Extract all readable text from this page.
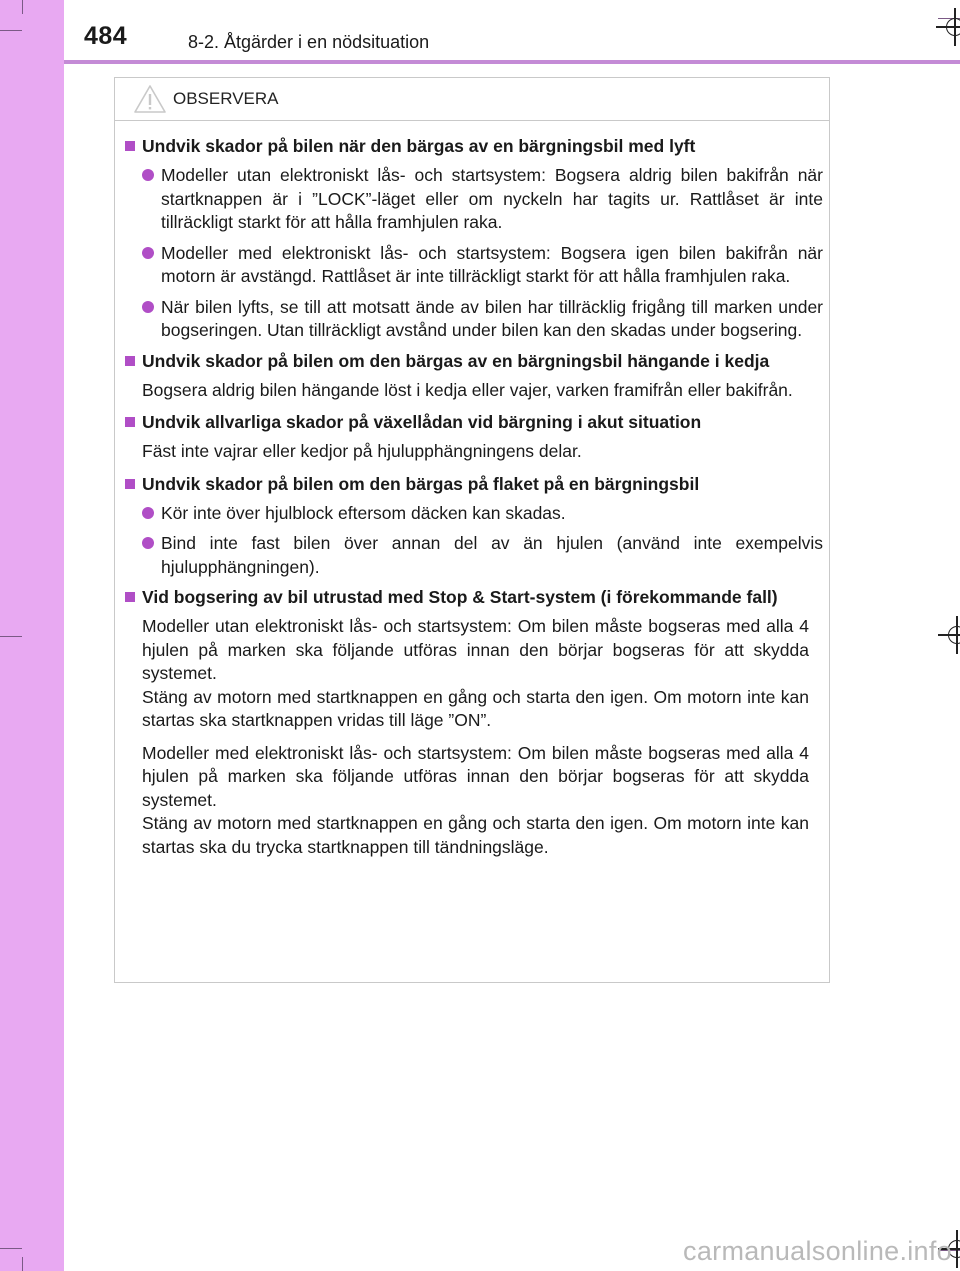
484	8-2. Åtgärder i en nödsituation
OBSERVERA
Undvik skador på bilen när den bärgas av en bärgningsbil med lyft
Modeller utan elektroniskt lås- och startsystem: Bogsera aldrig bilen bakifrån när startknappen är i ”LOCK”-läget eller om nyckeln har tagits ur. Rattlåset är inte tillräckligt starkt för att hålla framhjulen raka.
Modeller med elektroniskt lås- och startsystem: Bogsera igen bilen bakifrån när motorn är avstängd. Rattlåset är inte tillräckligt starkt för att hålla framhjulen raka.
När bilen lyfts, se till att motsatt ände av bilen har tillräcklig frigång till marken under bogseringen. Utan tillräckligt avstånd under bilen kan den skadas under bogsering.
Undvik skador på bilen om den bärgas av en bärgningsbil hängande i kedja
Bogsera aldrig bilen hängande löst i kedja eller vajer, varken framifrån eller bakifrån.
Undvik allvarliga skador på växellådan vid bärgning i akut situation
Fäst inte vajrar eller kedjor på hjulupphängningens delar.
Undvik skador på bilen om den bärgas på flaket på en bärgningsbil
Kör inte över hjulblock eftersom däcken kan skadas.
Bind inte fast bilen över annan del av än hjulen (använd inte exempelvis hjulupphängningen).
Vid bogsering av bil utrustad med Stop & Start-system (i förekommande fall)
Modeller utan elektroniskt lås- och startsystem: Om bilen måste bogseras med alla 4 hjulen på marken ska följande utföras innan den börjar bogseras för att skydda systemet.
Stäng av motorn med startknappen en gång och starta den igen. Om motorn inte kan startas ska startknappen vridas till läge ”ON”.
Modeller med elektroniskt lås- och startsystem: Om bilen måste bogseras med alla 4 hjulen på marken ska följande utföras innan den börjar bogseras för att skydda systemet.
Stäng av motorn med startknappen en gång och starta den igen. Om motorn inte kan startas ska du trycka startknappen till tändningsläge.
carmanualsonline.info
